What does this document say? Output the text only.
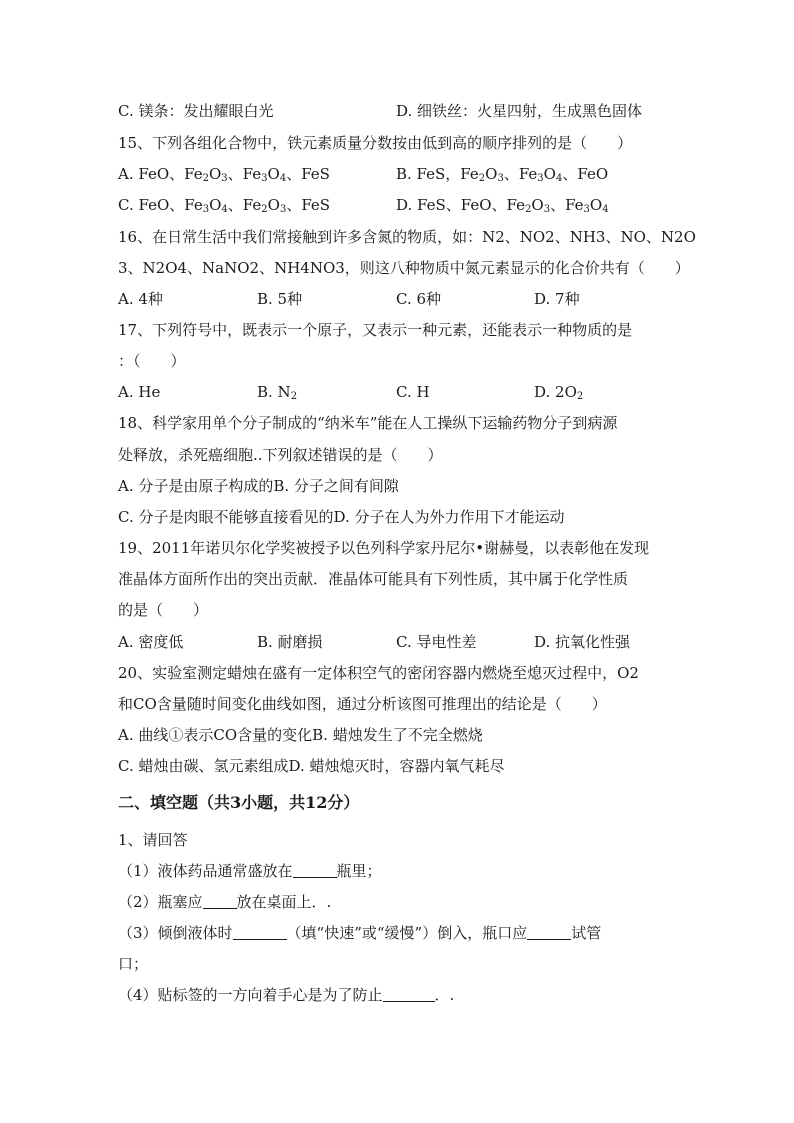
C. 镁条：发出耀眼白光	D. 细铁丝：火星四射，生成黑色固体
15、下列各组化合物中，铁元素质量分数按由低到高的顺序排列的是（　　）
A. FeO、$Fe_2O_3$、$Fe_3O_4$、FeS	B. FeS，$Fe_2O_3$、$Fe_3O_4$、FeO
C. FeO、$Fe_3O_4$、$Fe_2O_3$、FeS	D. FeS、FeO、$Fe_2O_3$、$Fe_3O_4$
16、在日常生活中我们常接触到许多含氮的物质，如：N2、NO2、NH3、NO、N2O
3、N2O4、NaNO2、NH4NO3，则这八种物质中氮元素显示的化合价共有（　　）
A. 4种	B. 5种	C. 6种	D. 7种
17、下列符号中，既表示一个原子，又表示一种元素，还能表示一种物质的是
：（　　）
A. He	B. $N_2$	C. H	D. $2O_2$
18、科学家用单个分子制成的“纳米车”能在人工操纵下运输药物分子到病源
处释放，杀死癌细胞..下列叙述错误的是（　　）
A. 分子是由原子构成的B. 分子之间有间隙
C. 分子是肉眼不能够直接看见的D. 分子在人为外力作用下才能运动
19、2011年诺贝尔化学奖被授予以色列科学家丹尼尔•谢赫曼，以表彰他在发现
准晶体方面所作出的突出贡献．准晶体可能具有下列性质，其中属于化学性质
的是（　　）
A. 密度低	B. 耐磨损	C. 导电性差	D. 抗氧化性强
20、实验室测定蜡烛在盛有一定体积空气的密闭容器内燃烧至熄灭过程中，O2
和CO含量随时间变化曲线如图，通过分析该图可推理出的结论是（　　）
A. 曲线①表示CO含量的变化B. 蜡烛发生了不完全燃烧
C. 蜡烛由碳、氢元素组成D. 蜡烛熄灭时，容器内氧气耗尽
二、填空题（共3小题，共12分）
1、请回答
（1）液体药品通常盛放在	瓶里；
（2）瓶塞应 放在桌面上．.
（3）倾倒液体时	（填“快速”或“缓慢”）倒入，瓶口应	试管
口；
（4）贴标签的一方向着手心是为了防止	．.
